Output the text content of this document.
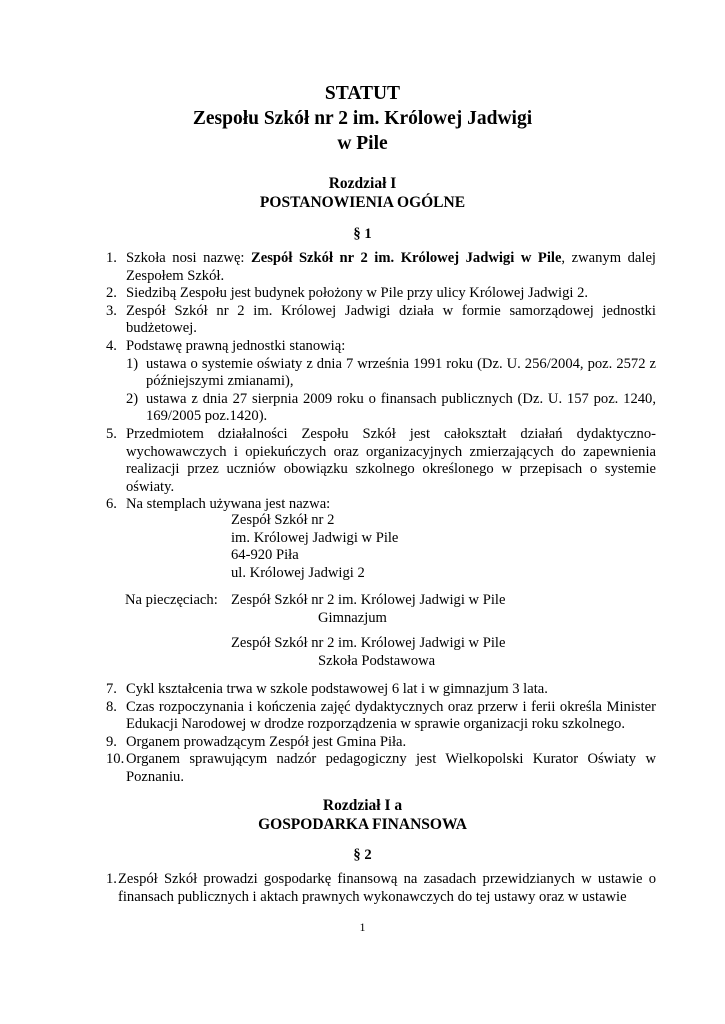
STATUT
Zespołu Szkół nr 2 im. Królowej Jadwigi
w Pile
Rozdział I
POSTANOWIENIA OGÓLNE
§ 1
1. Szkoła nosi nazwę: Zespół Szkół nr 2 im. Królowej Jadwigi w Pile, zwanym dalej Zespołem Szkół.
2. Siedzibą Zespołu jest budynek położony w Pile przy ulicy Królowej Jadwigi 2.
3. Zespół Szkół nr 2 im. Królowej Jadwigi działa w formie samorządowej jednostki budżetowej.
4. Podstawę prawną jednostki stanowią:
1) ustawa o systemie oświaty z dnia 7 września 1991 roku (Dz. U. 256/2004, poz. 2572 z późniejszymi zmianami),
2) ustawa z dnia 27 sierpnia 2009 roku o finansach publicznych (Dz. U. 157 poz. 1240, 169/2005 poz.1420).
5. Przedmiotem działalności Zespołu Szkół jest całokształt działań dydaktyczno-wychowawczych i opiekuńczych oraz organizacyjnych zmierzających do zapewnienia realizacji przez uczniów obowiązku szkolnego określonego w przepisach o systemie oświaty.
6. Na stemplach używana jest nazwa:
Zespół Szkół nr 2
im. Królowej Jadwigi w Pile
64-920 Piła
ul. Królowej Jadwigi 2
Na pieczęciach: Zespół Szkół nr 2 im. Królowej Jadwigi w Pile
Gimnazjum
Zespół Szkół nr 2 im. Królowej Jadwigi w Pile
Szkoła Podstawowa
7. Cykl kształcenia trwa w szkole podstawowej 6 lat i w gimnazjum 3 lata.
8. Czas rozpoczynania i kończenia zajęć dydaktycznych oraz przerw i ferii określa Minister Edukacji Narodowej w drodze rozporządzenia w sprawie organizacji roku szkolnego.
9. Organem prowadzącym Zespół jest Gmina Piła.
10. Organem sprawującym nadzór pedagogiczny jest Wielkopolski Kurator Oświaty w Poznaniu.
Rozdział I a
GOSPODARKA FINANSOWA
§ 2
1. Zespół Szkół prowadzi gospodarkę finansową na zasadach przewidzianych w ustawie o finansach publicznych i aktach prawnych wykonawczych do tej ustawy oraz w ustawie
1
